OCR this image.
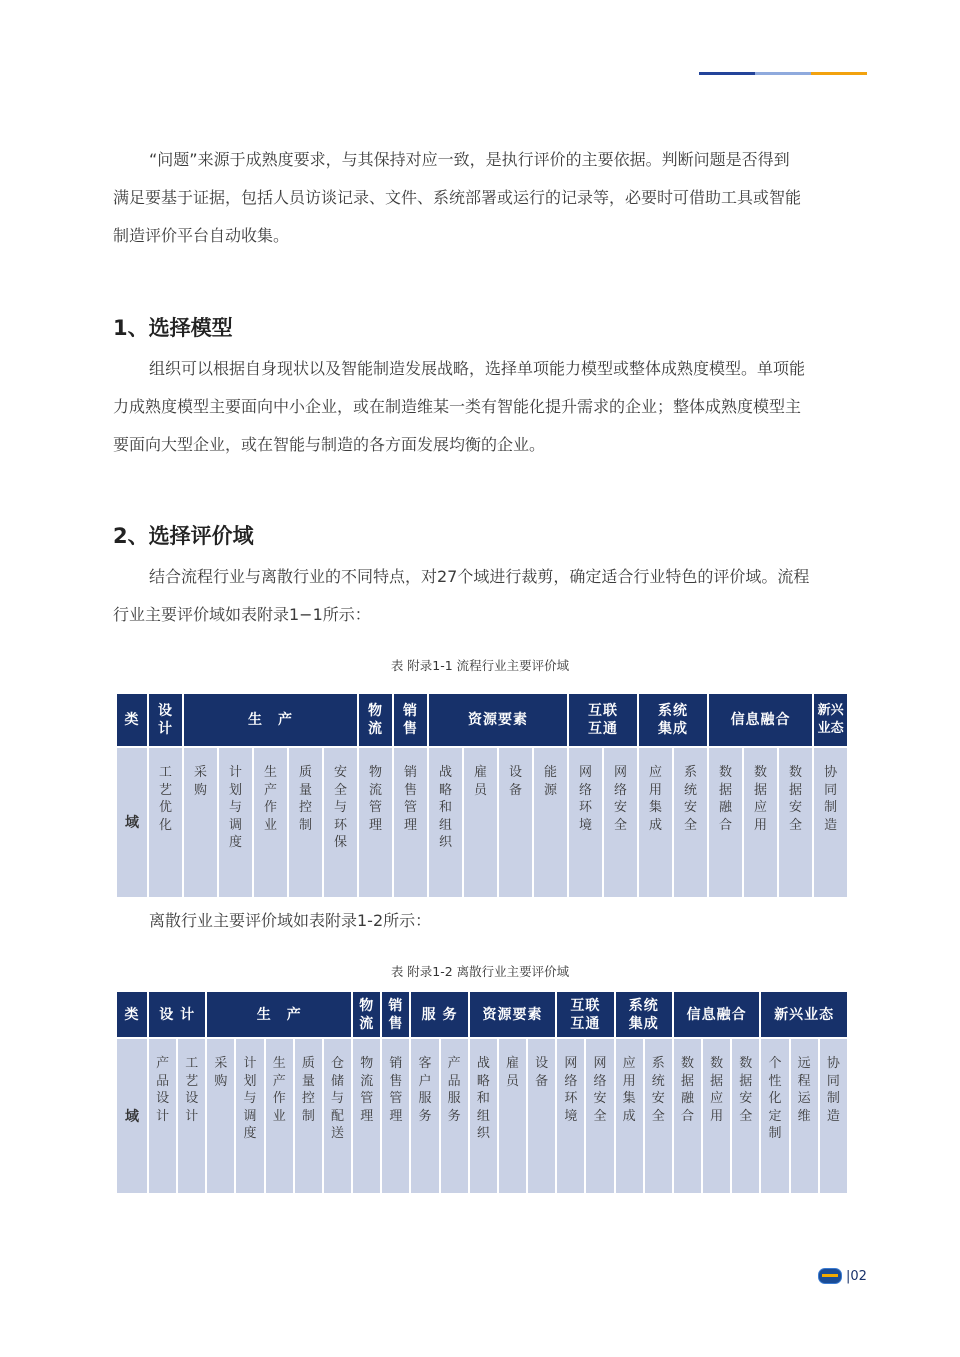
“问题”来源于成熟度要求，与其保持对应一致，是执行评价的主要依据。判断问题是否得到
满足要基于证据，包括人员访谈记录、文件、系统部署或运行的记录等，必要时可借助工具或智能
制造评价平台自动收集。

1、选择模型

组织可以根据自身现状以及智能制造发展战略，选择单项能力模型或整体成熟度模型。单项能
力成熟度模型主要面向中小企业，或在制造维某一类有智能化提升需求的企业；整体成熟度模型主
要面向大型企业，或在智能与制造的各方面发展均衡的企业。

2、选择评价域

结合流程行业与离散行业的不同特点，对27个域进行裁剪，确定适合行业特色的评价域。流程
行业主要评价域如表附录1−1所示：

表 附录1-1 流程行业主要评价域
类	设计	生　产					物流	销售	资源要素				互联互通		系统集成		信息融合			新兴业态
域	工艺优化	采购	计划与调度	生产作业	质量控制	安全与环保	物流管理	销售管理	战略和组织	雇员	设备	能源	网络环境	网络安全	应用集成	系统安全	数据融合	数据应用	数据安全	协同制造

离散行业主要评价域如表附录1-2所示：

表 附录1-2 离散行业主要评价域
类	设 计		生　产					物流	销售	服 务		资源要素			互联互通		系统集成		信息融合			新兴业态		
域	产品设计	工艺设计	采购	计划与调度	生产作业	质量控制	仓储与配送	物流管理	销售管理	客户服务	产品服务	战略和组织	雇员	设备	网络环境	网络安全	应用集成	系统安全	数据融合	数据应用	数据安全	个性化定制	远程运维	协同制造
|02
